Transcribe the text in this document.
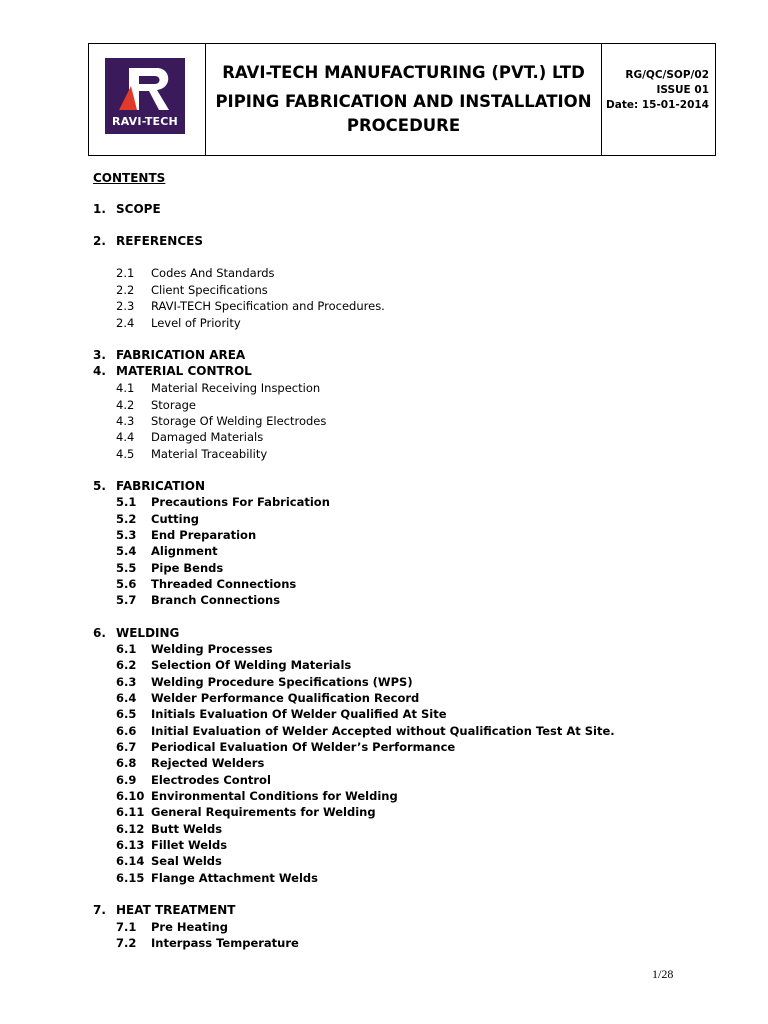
RAVI-TECH
RAVI-TECH MANUFACTURING (PVT.) LTD
PIPING FABRICATION AND INSTALLATION
PROCEDURE
RG/QC/SOP/02
ISSUE 01
Date: 15-01-2014
CONTENTS
1. SCOPE
2. REFERENCES
2.1 Codes And Standards
2.2 Client Specifications
2.3 RAVI-TECH Specification and Procedures.
2.4 Level of Priority
3. FABRICATION AREA
4. MATERIAL CONTROL
4.1 Material Receiving Inspection
4.2 Storage
4.3 Storage Of Welding Electrodes
4.4 Damaged Materials
4.5 Material Traceability
5. FABRICATION
5.1 Precautions For Fabrication
5.2 Cutting
5.3 End Preparation
5.4 Alignment
5.5 Pipe Bends
5.6 Threaded Connections
5.7 Branch Connections
6. WELDING
6.1 Welding Processes
6.2 Selection Of Welding Materials
6.3 Welding Procedure Specifications (WPS)
6.4 Welder Performance Qualification Record
6.5 Initials Evaluation Of Welder Qualified At Site
6.6 Initial Evaluation of Welder Accepted without Qualification Test At Site.
6.7 Periodical Evaluation Of Welder’s Performance
6.8 Rejected Welders
6.9 Electrodes Control
6.10 Environmental Conditions for Welding
6.11 General Requirements for Welding
6.12 Butt Welds
6.13 Fillet Welds
6.14 Seal Welds
6.15 Flange Attachment Welds
7. HEAT TREATMENT
7.1 Pre Heating
7.2 Interpass Temperature
1/28
